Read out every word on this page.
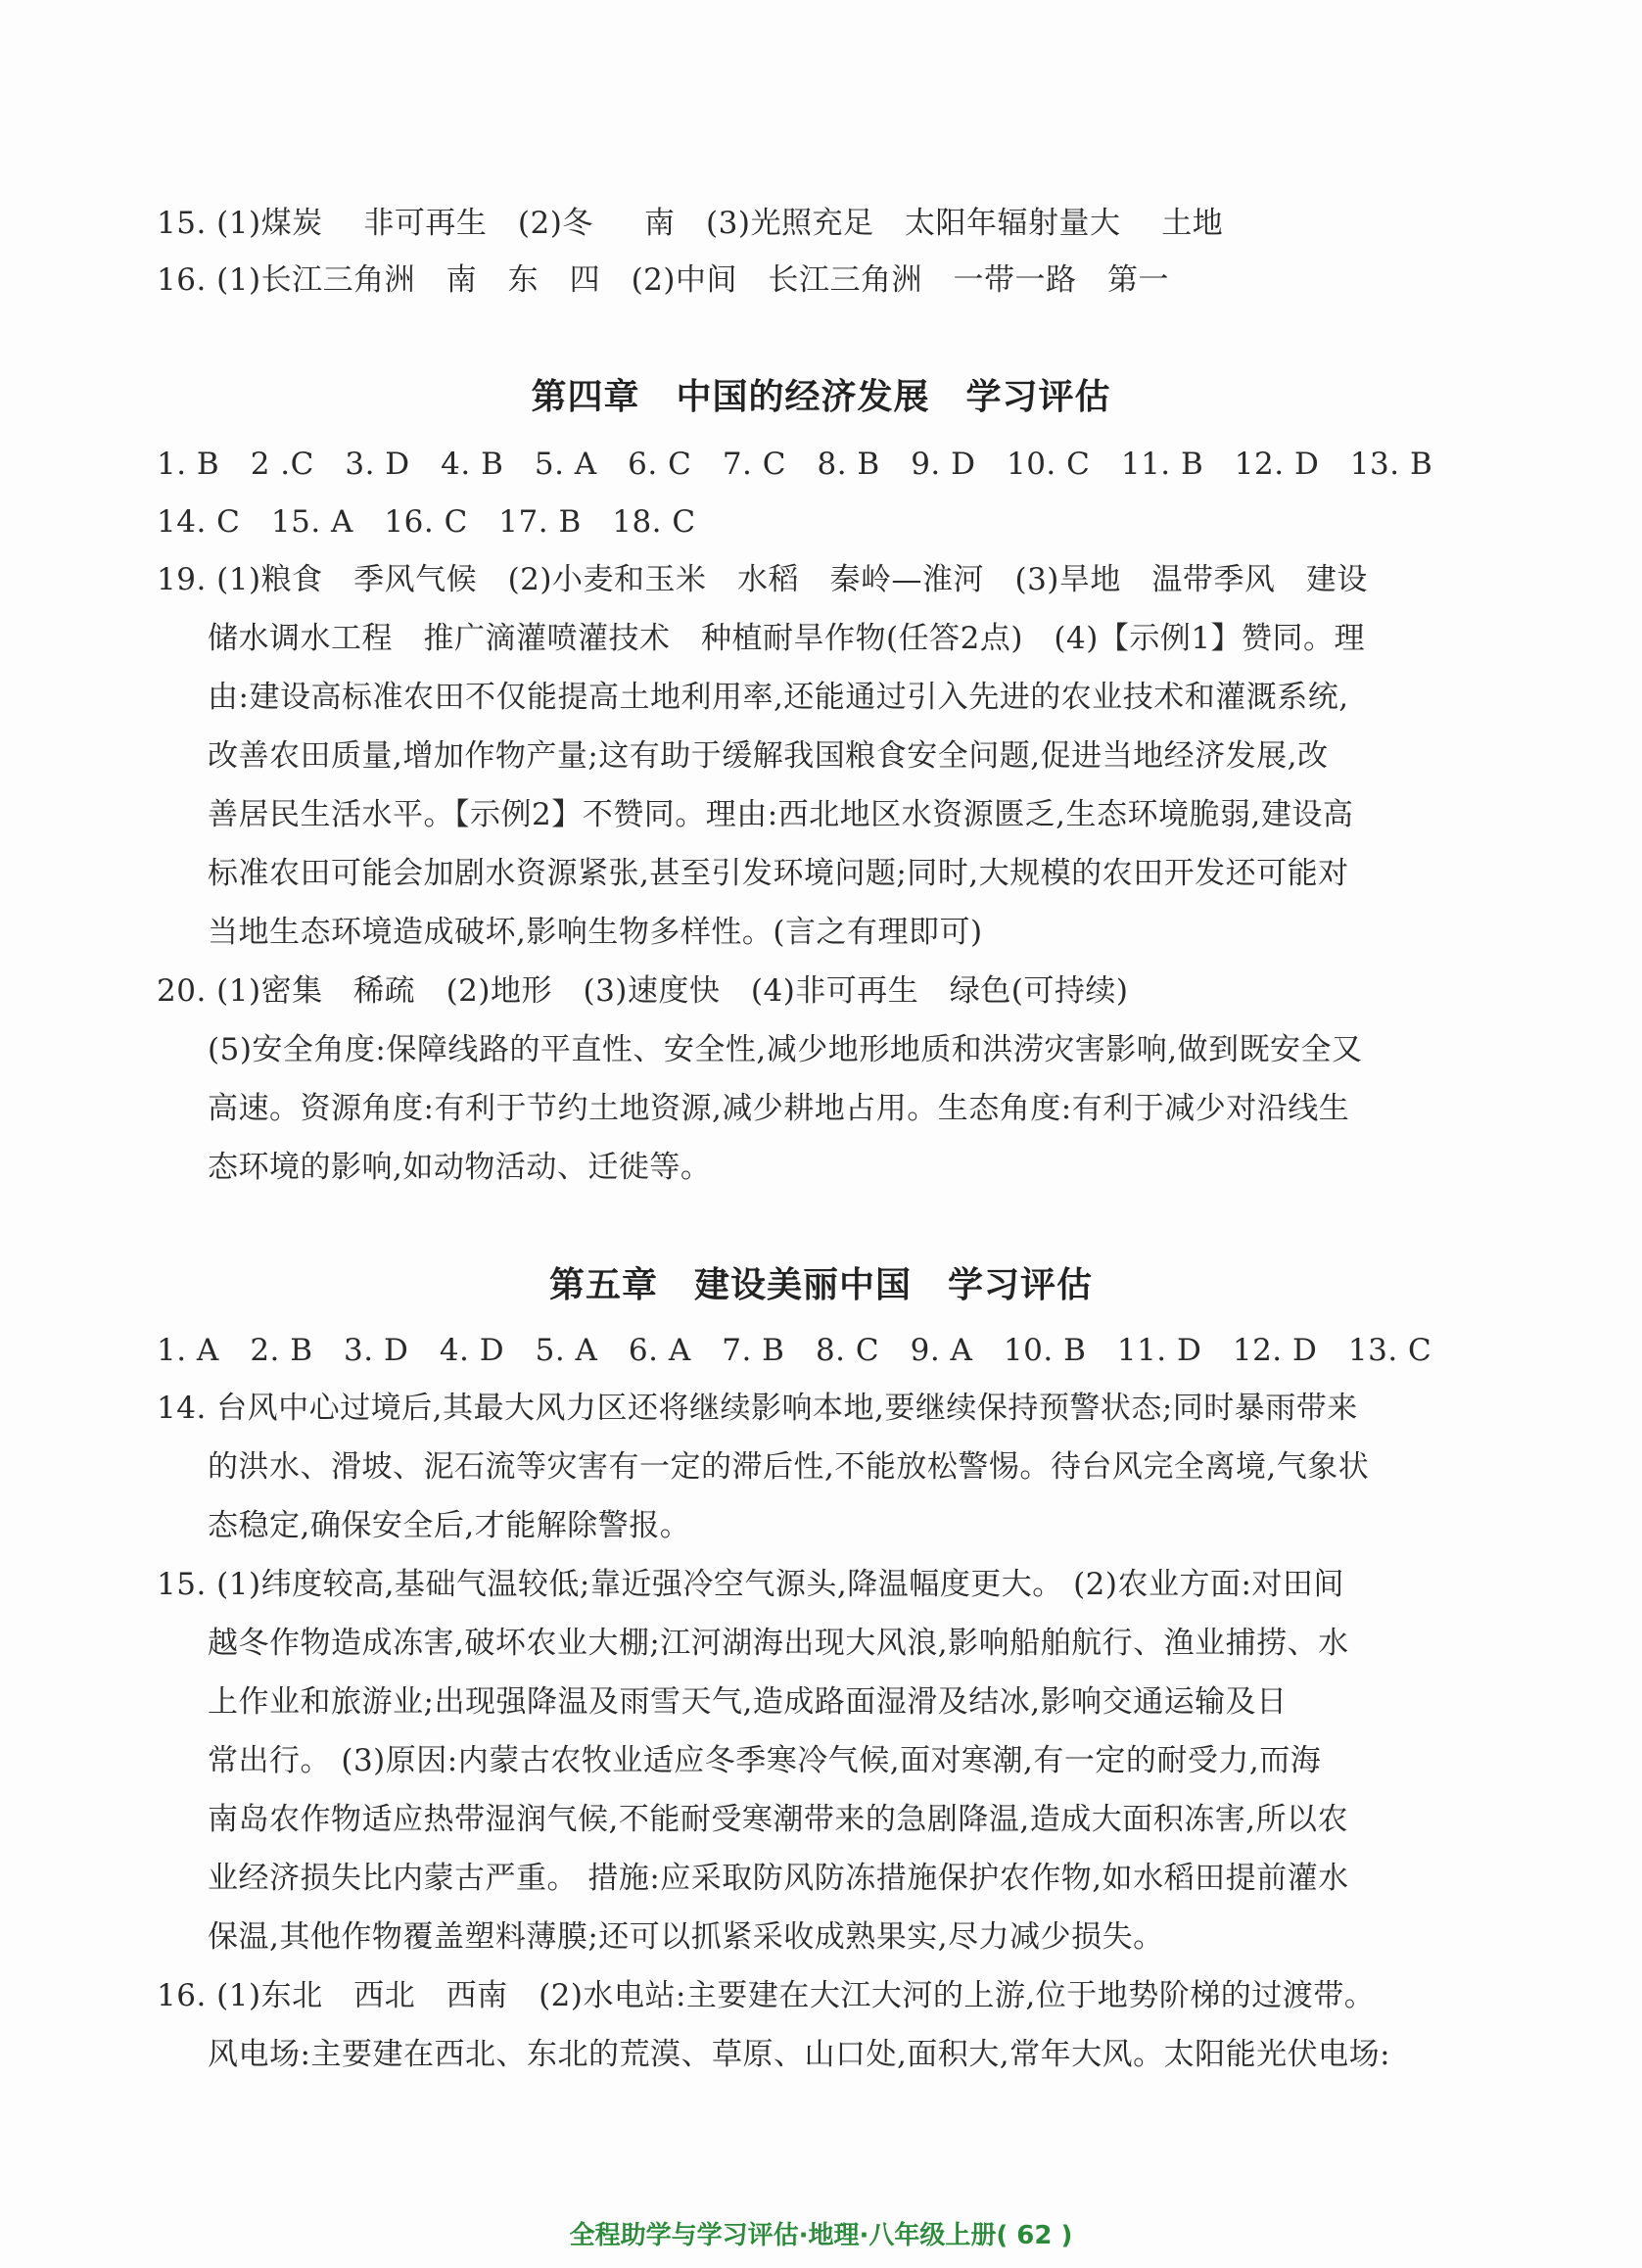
15. (1)煤炭　 非可再生　(2)冬　  南　(3)光照充足　太阳年辐射量大　 土地
16. (1)长江三角洲　南　东　四　(2)中间　长江三角洲　一带一路　第一
第四章　中国的经济发展　学习评估
1. B　2 .C　3. D　4. B　5. A　6. C　7. C　8. B　9. D　10. C　11. B　12. D　13. B
14. C　15. A　16. C　17. B　18. C
19. (1)粮食　季风气候　(2)小麦和玉米　水稻　秦岭—淮河　(3)旱地　温带季风　建设
储水调水工程　推广滴灌喷灌技术　种植耐旱作物(任答2点)　(4)【示例1】赞同。理
由:建设高标准农田不仅能提高土地利用率,还能通过引入先进的农业技术和灌溉系统,
改善农田质量,增加作物产量;这有助于缓解我国粮食安全问题,促进当地经济发展,改
善居民生活水平。【示例2】不赞同。理由:西北地区水资源匮乏,生态环境脆弱,建设高
标准农田可能会加剧水资源紧张,甚至引发环境问题;同时,大规模的农田开发还可能对
当地生态环境造成破坏,影响生物多样性。(言之有理即可)
20. (1)密集　稀疏　(2)地形　(3)速度快　(4)非可再生　绿色(可持续)
(5)安全角度:保障线路的平直性、安全性,减少地形地质和洪涝灾害影响,做到既安全又
高速。资源角度:有利于节约土地资源,减少耕地占用。生态角度:有利于减少对沿线生
态环境的影响,如动物活动、迁徙等。
第五章　建设美丽中国　学习评估
1. A　2. B　3. D　4. D　5. A　6. A　7. B　8. C　9. A　10. B　11. D　12. D　13. C
14. 台风中心过境后,其最大风力区还将继续影响本地,要继续保持预警状态;同时暴雨带来
的洪水、滑坡、泥石流等灾害有一定的滞后性,不能放松警惕。待台风完全离境,气象状
态稳定,确保安全后,才能解除警报。
15. (1)纬度较高,基础气温较低;靠近强冷空气源头,降温幅度更大。 (2)农业方面:对田间
越冬作物造成冻害,破坏农业大棚;江河湖海出现大风浪,影响船舶航行、渔业捕捞、水
上作业和旅游业;出现强降温及雨雪天气,造成路面湿滑及结冰,影响交通运输及日
常出行。 (3)原因:内蒙古农牧业适应冬季寒冷气候,面对寒潮,有一定的耐受力,而海
南岛农作物适应热带湿润气候,不能耐受寒潮带来的急剧降温,造成大面积冻害,所以农
业经济损失比内蒙古严重。 措施:应采取防风防冻措施保护农作物,如水稻田提前灌水
保温,其他作物覆盖塑料薄膜;还可以抓紧采收成熟果实,尽力减少损失。
16. (1)东北　西北　西南　(2)水电站:主要建在大江大河的上游,位于地势阶梯的过渡带。
风电场:主要建在西北、东北的荒漠、草原、山口处,面积大,常年大风。太阳能光伏电场:
全程助学与学习评估·地理·八年级上册( 62 )
